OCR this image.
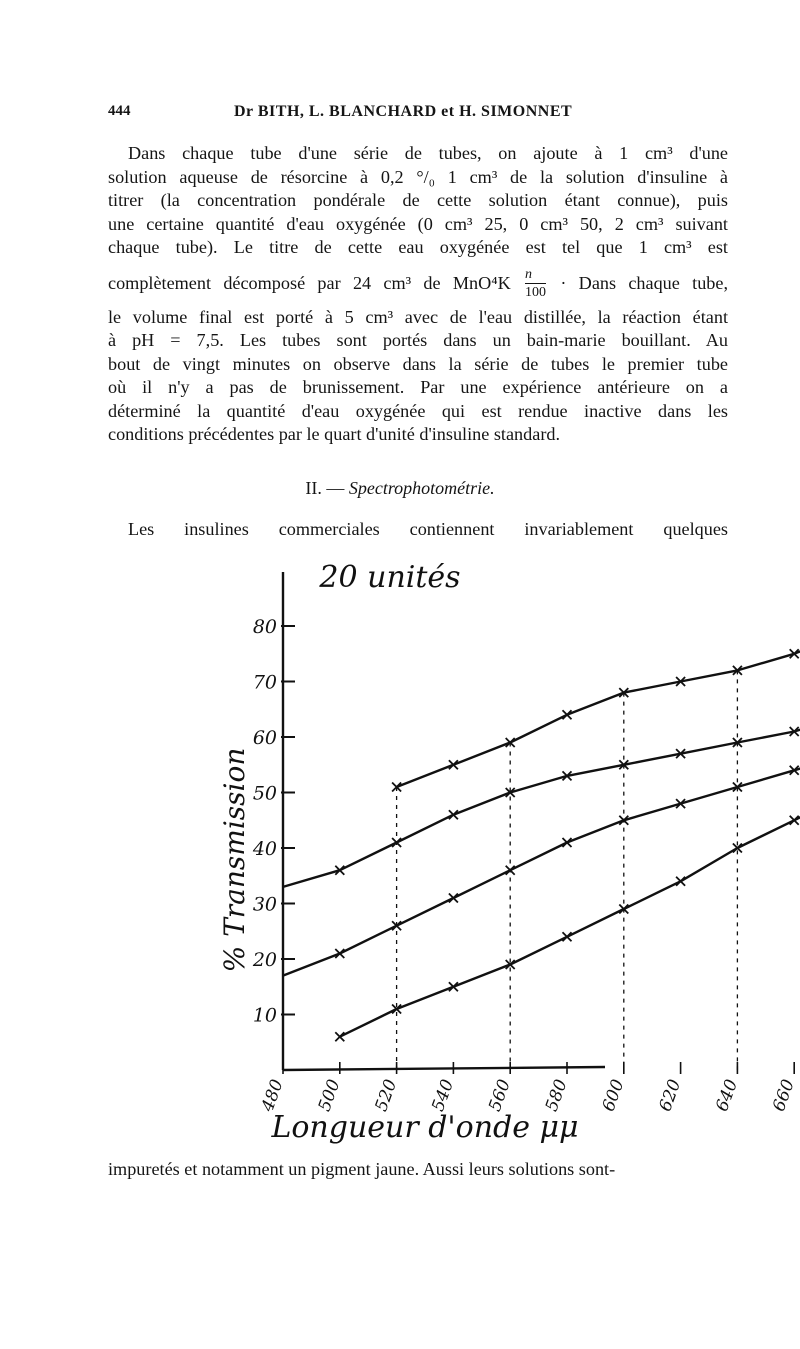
444	Dr BITH, L. BLANCHARD et H. SIMONNET
Dans chaque tube d'une série de tubes, on ajoute à 1 cm³ d'une
solution aqueuse de résorcine à 0,2 °/₀ 1 cm³ de la solution d'insuline à
titrer (la concentration pondérale de cette solution étant connue), puis
une certaine quantité d'eau oxygénée (0 cm³ 25, 0 cm³ 50, 2 cm³ suivant
chaque tube). Le titre de cette eau oxygénée est tel que 1 cm³ est
complètement décomposé par 24 cm³ de $MnO^4K \frac{n}{100}$ · Dans chaque tube,
le volume final est porté à 5 cm³ avec de l'eau distillée, la réaction étant
à pH = 7,5. Les tubes sont portés dans un bain-marie bouillant. Au
bout de vingt minutes on observe dans la série de tubes le premier tube
où il n'y a pas de brunissement. Par une expérience antérieure on a
déterminé la quantité d'eau oxygénée qui est rendue inactive dans les
conditions précédentes par le quart d'unité d'insuline standard.
II. — Spectrophotométrie.
Les insulines commerciales contiennent invariablement quelques
20 unités
10
20
30
40
50
60
70
80
480 500 520 540 560 580 600 620 640 660
% Transmission
Longueur d'onde μμ
impuretés et notamment un pigment jaune. Aussi leurs solutions sont-
